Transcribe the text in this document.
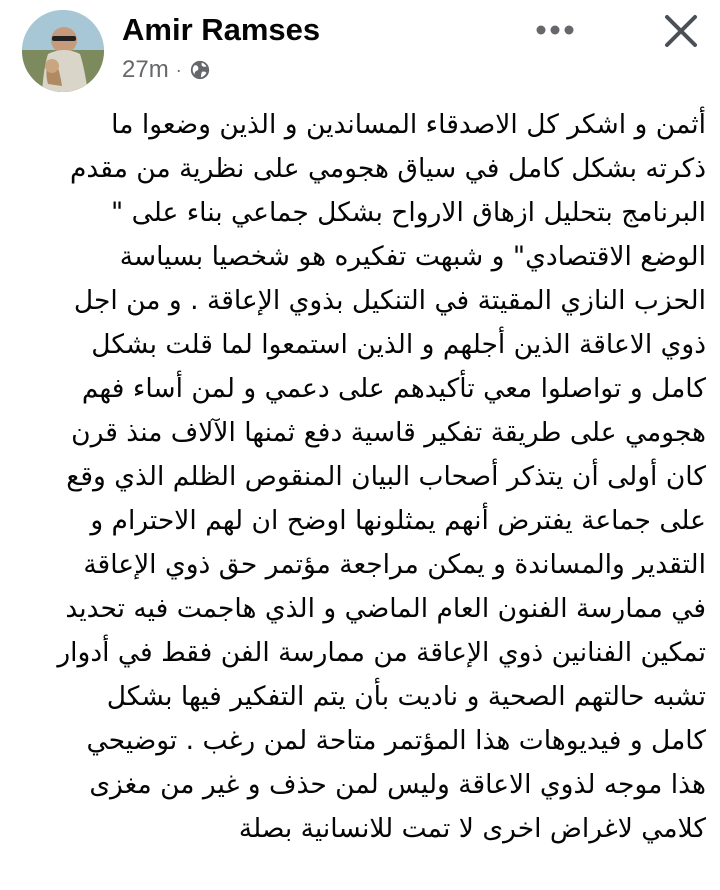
Amir Ramses
27m ·
أثمن و اشكر كل الاصدقاء المساندين و الذين وضعوا ما
ذكرته بشكل كامل في سياق هجومي على نظرية من مقدم
البرنامج بتحليل ازهاق الارواح بشكل جماعي بناء على "
الوضع الاقتصادي" و شبهت تفكيره هو شخصيا بسياسة
الحزب النازي المقيتة في التنكيل بذوي الإعاقة . و من اجل
ذوي الاعاقة الذين أجلهم و الذين استمعوا لما قلت بشكل
كامل و تواصلوا معي تأكيدهم على دعمي و لمن أساء فهم
هجومي على طريقة تفكير قاسية دفع ثمنها الآلاف منذ قرن
كان أولى أن يتذكر أصحاب البيان المنقوص الظلم الذي وقع
على جماعة يفترض أنهم يمثلونها اوضح ان لهم الاحترام و
التقدير والمساندة و يمكن مراجعة مؤتمر حق ذوي الإعاقة
في ممارسة الفنون العام الماضي و الذي هاجمت فيه تحديد
تمكين الفنانين ذوي الإعاقة من ممارسة الفن فقط في أدوار
تشبه حالتهم الصحية و ناديت بأن يتم التفكير فيها بشكل
كامل و فيديوهات هذا المؤتمر متاحة لمن رغب . توضيحي
هذا موجه لذوي الاعاقة وليس لمن حذف و غير من مغزى
كلامي لاغراض اخرى لا تمت للانسانية بصلة
